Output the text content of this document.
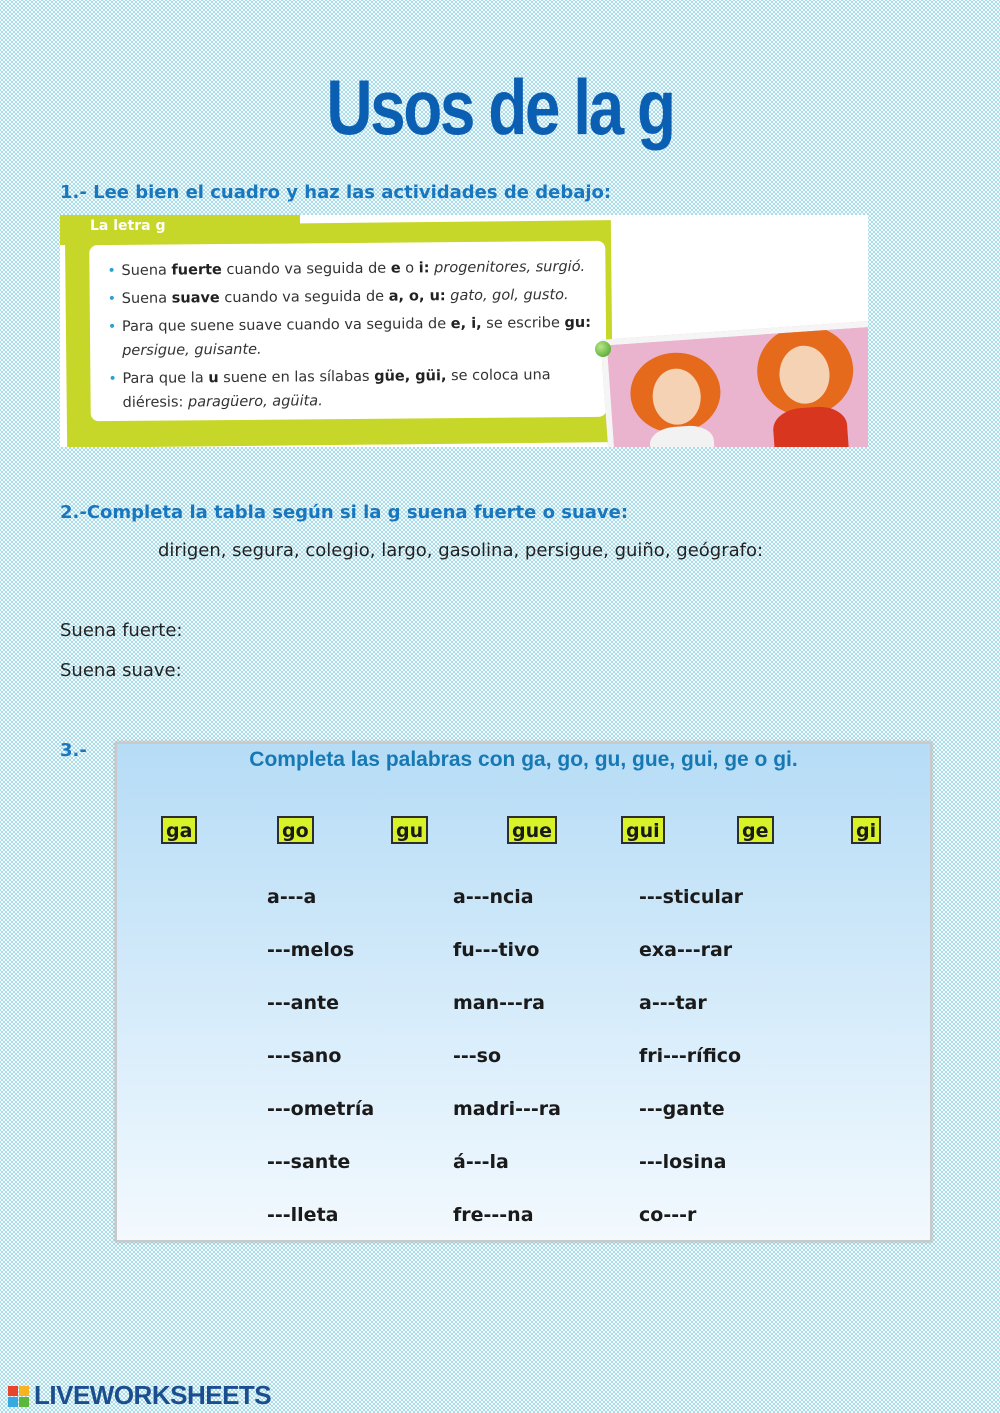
Usos de la g
1.- Lee bien el cuadro y haz las actividades de debajo:
La letra g
• Suena fuerte cuando va seguida de e o i: progenitores, surgió.
• Suena suave cuando va seguida de a, o, u: gato, gol, gusto.
• Para que suene suave cuando va seguida de e, i, se escribe gu: persigue, guisante.
• Para que la u suene en las sílabas güe, güi, se coloca una diéresis: paragüero, agüita.
2.-Completa la tabla según si la g suena fuerte o suave:
dirigen, segura, colegio, largo, gasolina, persigue, guiño, geógrafo:
Suena fuerte:
Suena suave:
3.-	Completa las palabras con ga, go, gu, gue, gui, ge o gi.
ga	go	gu	gue	gui	ge	gi
a---a
---melos
---ante
---sano
---ometría
---sante
---lleta
a---ncia
fu---tivo
man---ra
---so
madri---ra
á---la
fre---na
---sticular
exa---rar
a---tar
fri---rífico
---gante
---losina
co---r
LIVEWORKSHEETS
